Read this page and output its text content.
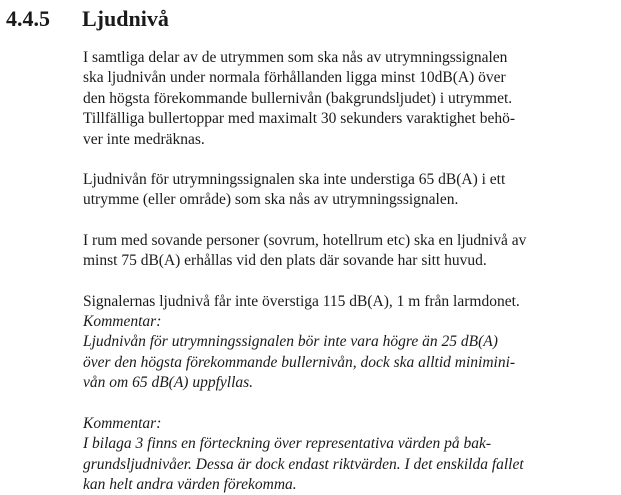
4.4.5 Ljudnivå
I samtliga delar av de utrymmen som ska nås av utrymningssignalen
ska ljudnivån under normala förhållanden ligga minst 10dB(A) över
den högsta förekommande bullernivån (bakgrundsljudet) i utrymmet.
Tillfälliga bullertoppar med maximalt 30 sekunders varaktighet behö-
ver inte medräknas.
Ljudnivån för utrymningssignalen ska inte understiga 65 dB(A) i ett
utrymme (eller område) som ska nås av utrymningssignalen.
I rum med sovande personer (sovrum, hotellrum etc) ska en ljudnivå av
minst 75 dB(A) erhållas vid den plats där sovande har sitt huvud.
Signalernas ljudnivå får inte överstiga 115 dB(A), 1 m från larmdonet.
Kommentar:
Ljudnivån för utrymningssignalen bör inte vara högre än 25 dB(A)
över den högsta förekommande bullernivån, dock ska alltid minimini-
vån om 65 dB(A) uppfyllas.
Kommentar:
I bilaga 3 finns en förteckning över representativa värden på bak-
grundsljudnivåer. Dessa är dock endast riktvärden. I det enskilda fallet
kan helt andra värden förekomma.
